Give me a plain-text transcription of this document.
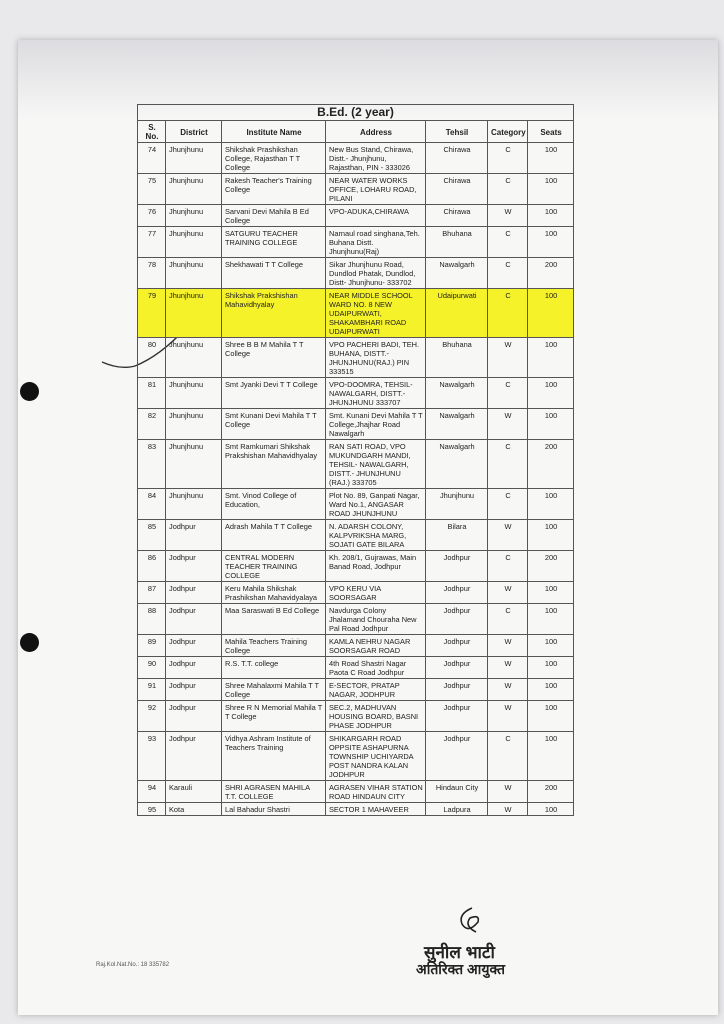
B.Ed. (2 year)						
S. No.	District	Institute Name	Address	Tehsil	Category	Seats
74	Jhunjhunu	Shikshak Prashikshan College, Rajasthan T T College	New Bus Stand, Chirawa, Distt.- Jhunjhunu, Rajasthan, PIN - 333026	Chirawa	C	100
75	Jhunjhunu	Rakesh Teacher's Training College	NEAR WATER WORKS OFFICE, LOHARU ROAD, PILANI	Chirawa	C	100
76	Jhunjhunu	Sarvani Devi Mahila B Ed College	VPO-ADUKA,CHIRAWA	Chirawa	W	100
77	Jhunjhunu	SATGURU TEACHER TRAINING COLLEGE	Narnaul road singhana,Teh. Buhana Distt. Jhunjhunu(Raj)	Bhuhana	C	100
78	Jhunjhunu	Shekhawati T T College	Sikar Jhunjhunu Road, Dundlod Phatak, Dundlod, Distt- Jhunjhunu- 333702	Nawalgarh	C	200
79	Jhunjhunu	Shikshak Prakshishan Mahavidhyalay	NEAR MIDDLE SCHOOL WARD NO. 8 NEW UDAIPURWATI, SHAKAMBHARI ROAD UDAIPURWATI	Udaipurwati	C	100
80	Jhunjhunu	Shree B B M Mahila T T College	VPO PACHERI BADI, TEH. BUHANA, DISTT.- JHUNJHUNU(RAJ.) PIN 333515	Bhuhana	W	100
81	Jhunjhunu	Smt Jyanki Devi T T College	VPO-DOOMRA, TEHSIL- NAWALGARH, DISTT.- JHUNJHUNU 333707	Nawalgarh	C	100
82	Jhunjhunu	Smt Kunani Devi Mahila T T College	Smt. Kunani Devi Mahila T T College,Jhajhar Road Nawalgarh	Nawalgarh	W	100
83	Jhunjhunu	Smt Ramkumari Shikshak Prakshishan Mahavidhyalay	RAN SATI ROAD, VPO MUKUNDGARH MANDI, TEHSIL- NAWALGARH, DISTT.- JHUNJHUNU (RAJ.) 333705	Nawalgarh	C	200
84	Jhunjhunu	Smt. Vinod College of Education,	Plot No. 89, Ganpati Nagar, Ward No.1, ANGASAR ROAD JHUNJHUNU	Jhunjhunu	C	100
85	Jodhpur	Adrash Mahila T T College	N. ADARSH COLONY, KALPVRIKSHA MARG, SOJATI GATE BILARA	Bilara	W	100
86	Jodhpur	CENTRAL MODERN TEACHER TRAINING COLLEGE	Kh. 208/1, Gujrawas, Main Banad Road, Jodhpur	Jodhpur	C	200
87	Jodhpur	Keru Mahila Shikshak Prashikshan Mahavidyalaya	VPO KERU VIA SOORSAGAR	Jodhpur	W	100
88	Jodhpur	Maa Saraswati B Ed College	Navdurga Colony Jhalamand Chouraha New Pal Road Jodhpur	Jodhpur	C	100
89	Jodhpur	Mahila Teachers Training College	KAMLA NEHRU NAGAR SOORSAGAR ROAD	Jodhpur	W	100
90	Jodhpur	R.S. T.T. college	4th Road Shastri Nagar Paota C Road Jodhpur	Jodhpur	W	100
91	Jodhpur	Shree Mahalaxmi Mahila T T College	E-SECTOR, PRATAP NAGAR, JODHPUR	Jodhpur	W	100
92	Jodhpur	Shree R N Memorial Mahila T T College	SEC.2, MADHUVAN HOUSING BOARD, BASNI PHASE JODHPUR	Jodhpur	W	100
93	Jodhpur	Vidhya Ashram Institute of Teachers Training	SHIKARGARH ROAD OPPSITE ASHAPURNA TOWNSHIP UCHIYARDA POST NANDRA KALAN JODHPUR	Jodhpur	C	100
94	Karauli	SHRI AGRASEN MAHILA T.T. COLLEGE	AGRASEN VIHAR STATION ROAD HINDAUN CITY	Hindaun City	W	200
95	Kota	Lal Bahadur Shastri	SECTOR 1 MAHAVEER	Ladpura	W	100
सुनील भाटी
अतिरिक्त आयुक्त
Raj.Kol.Nat.No.: 18 335782
